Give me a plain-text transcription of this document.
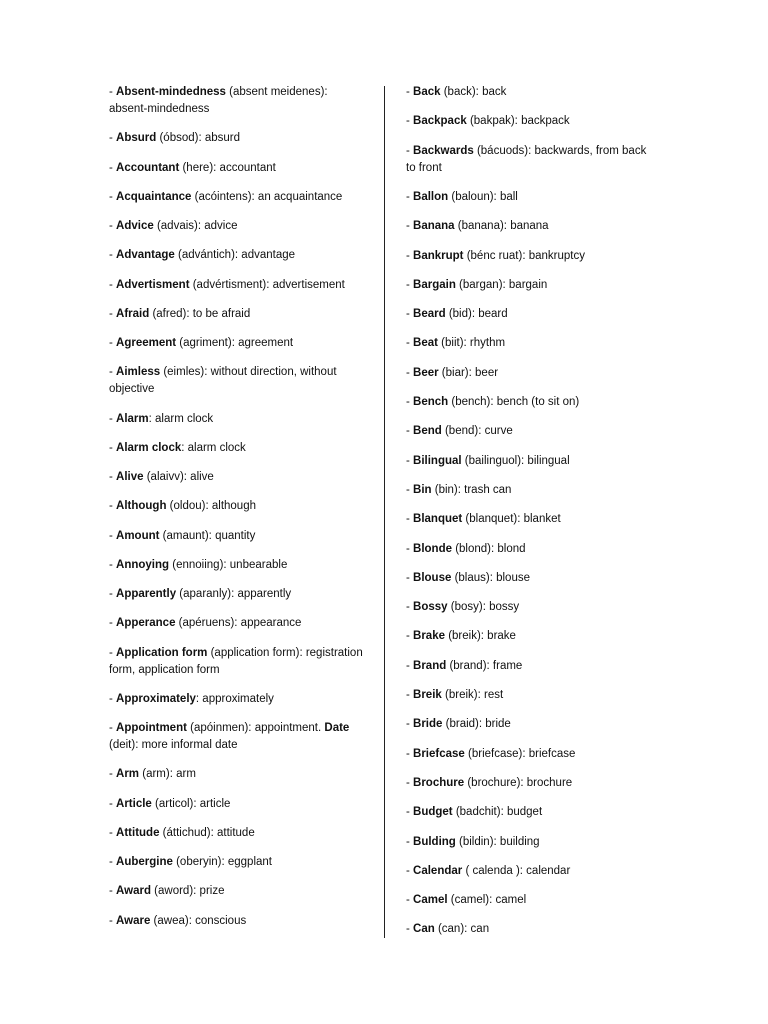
- Absent-mindedness (absent meidenes): absent-mindedness

- Absurd (óbsod): absurd

- Accountant (here): accountant

- Acquaintance (acóintens): an acquaintance

- Advice (advais): advice

- Advantage (advántich): advantage

- Advertisment (advértisment): advertisement

- Afraid (afred): to be afraid

- Agreement (agriment): agreement

- Aimless (eimles): without direction, without objective

- Alarm: alarm clock

- Alarm clock: alarm clock

- Alive (alaivv): alive

- Although (oldou): although

- Amount (amaunt): quantity

- Annoying (ennoiing): unbearable

- Apparently (aparanly): apparently

- Apperance (apéruens): appearance

- Application form (application form): registration form, application form

- Approximately: approximately

- Appointment (apóinmen): appointment. Date (deit): more informal date

- Arm (arm): arm

- Article (articol): article

- Attitude (áttichud): attitude

- Aubergine (oberyin): eggplant

- Award (aword): prize

- Aware (awea): conscious

- Back (back): back

- Backpack (bakpak): backpack

- Backwards (bácuods): backwards, from back to front

- Ballon (baloun): ball

- Banana (banana): banana

- Bankrupt (bénc ruat): bankruptcy

- Bargain (bargan): bargain

- Beard (bid): beard

- Beat (biit): rhythm

- Beer (biar): beer

- Bench (bench): bench (to sit on)

- Bend (bend): curve

- Bilingual (bailinguol): bilingual

- Bin (bin): trash can

- Blanquet (blanquet): blanket

- Blonde (blond): blond

- Blouse (blaus): blouse

- Bossy (bosy): bossy

- Brake (breik): brake

- Brand (brand): frame

- Breik (breik): rest

- Bride (braid): bride

- Briefcase (briefcase): briefcase

- Brochure (brochure): brochure

- Budget (badchit): budget

- Bulding (bildin): building

- Calendar ( calenda ): calendar

- Camel (camel): camel

- Can (can): can
